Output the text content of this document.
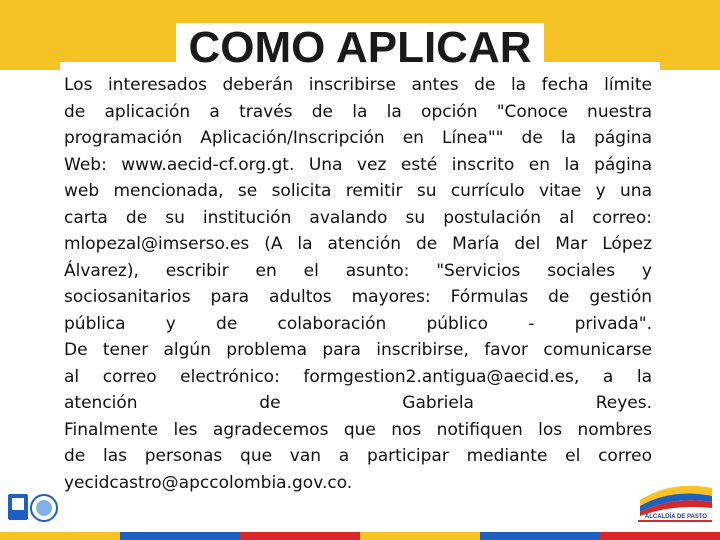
COMO APLICAR
Los interesados deberán inscribirse antes de la fecha límite
de aplicación a través de la la opción "Conoce nuestra
programación Aplicación/Inscripción en Línea"" de la página
Web: www.aecid-cf.org.gt. Una vez esté inscrito en la página
web mencionada, se solicita remitir su currículo vitae y una
carta de su institución avalando su postulación al correo:
mlopezal@imserso.es (A la atención de María del Mar López
Álvarez), escribir en el asunto: "Servicios sociales y
sociosanitarios para adultos mayores: Fórmulas de gestión
pública y de colaboración público - privada".
De tener algún problema para inscribirse, favor comunicarse
al correo electrónico: formgestion2.antigua@aecid.es, a la
atención de Gabriela Reyes.
Finalmente les agradecemos que nos notifiquen los nombres
de las personas que van a participar mediante el correo
yecidcastro@apccolombia.gov.co.
ALCALDÍA DE PASTO
